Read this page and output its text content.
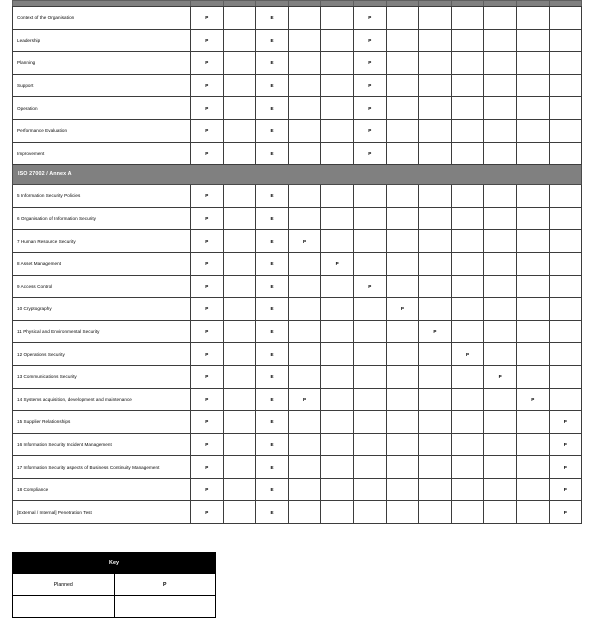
Context of the Organisation	P		E			P						
Leadership	P		E			P						
Planning	P		E			P						
Support	P		E			P						
Operation	P		E			P						
Performance Evaluation	P		E			P						
Improvement	P		E			P						
ISO 27002 / Annex A												
5 Information Security Policies	P		E									
6 Organisation of Information Security	P		E									
7 Human Resource Security	P		E	P								
8 Asset Management	P		E		P							
9 Access Control	P		E			P						
10 Cryptography	P		E				P					
11 Physical and Environmental Security	P		E					P				
12 Operations Security	P		E						P			
13 Communications Security	P		E							P		
14 Systems acquisition, development and maintenance	P		E	P							P	
15 Supplier Relationships	P		E									P
16 Information Security Incident Management	P		E									P
17 Information Security aspects of Business Continuity Management	P		E									P
18 Compliance	P		E									P
[External / Internal] Penetration Test	P		E									P
Key	
Planned	P
